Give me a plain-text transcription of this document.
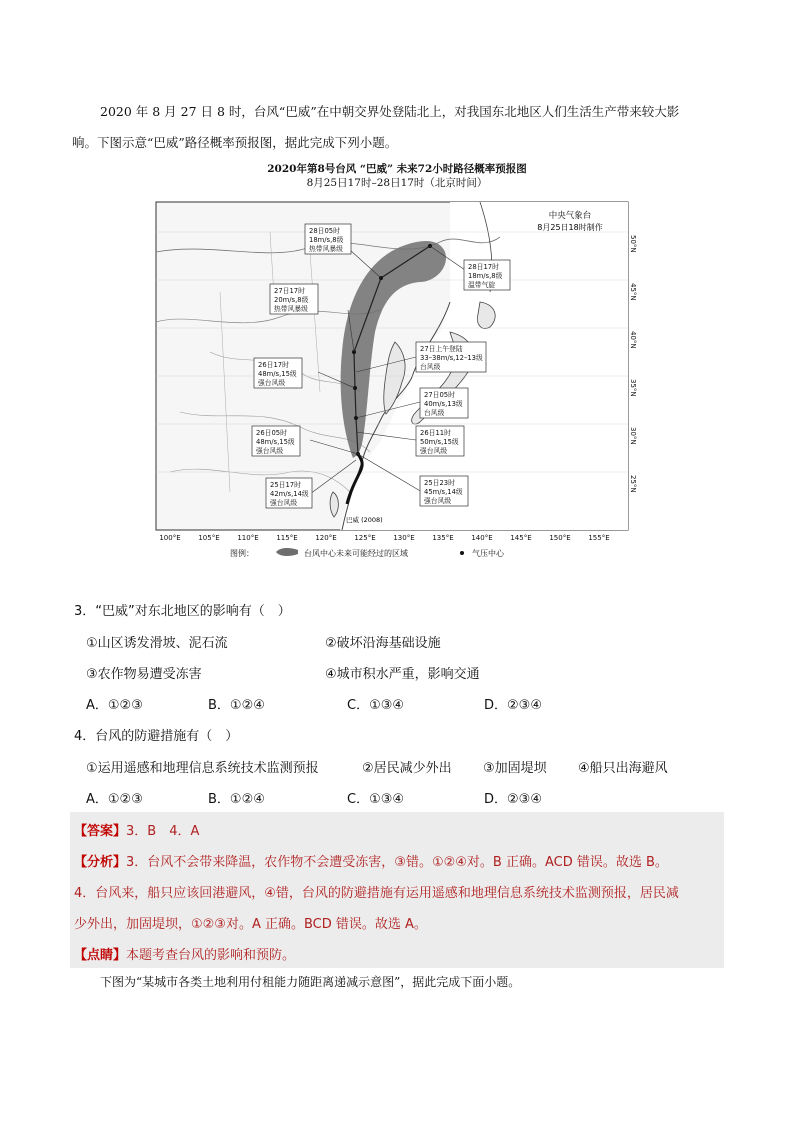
2020 年 8 月 27 日 8 时，台风“巴威”在中朝交界处登陆北上，对我国东北地区人们生活生产带来较大影
响。下图示意“巴威”路径概率预报图，据此完成下列小题。
2020年第8号台风 “巴威” 未来72小时路径概率预报图
8月25日17时–28日17时（北京时间）
中央气象台
8月25日18时制作
28日05时
18m/s,8级
热带风暴级
28日17时
18m/s,8级
温带气旋
27日17时
20m/s,8级
热带风暴级
27日上午登陆
33–38m/s,12–13级
台风级
26日17时
48m/s,15级
强台风级
27日05时
40m/s,13级
台风级
26日11时
50m/s,15级
强台风级
26日05时
48m/s,15级
强台风级
25日17时
42m/s,14级
强台风级
25日23时
45m/s,14级
强台风级
巴威 (2008)
50°N
45°N
40°N
35°N
30°N
25°N
100°E	105°E	110°E	115°E	120°E	125°E	130°E	135°E	140°E	145°E	150°E	155°E
图例：	台风中心未来可能经过的区域	气压中心
3．“巴威”对东北地区的影响有（　）
①山区诱发滑坡、泥石流	②破坏沿海基础设施
③农作物易遭受冻害	④城市积水严重，影响交通
A．①②③	B．①②④	C．①③④	D．②③④
4．台风的防避措施有（　）
①运用遥感和地理信息系统技术监测预报	②居民减少外出 ③加固堤坝 ④船只出海避风
A．①②③	B．①②④	C．①③④	D．②③④
【答案】3．B　4．A
【分析】3．台风不会带来降温，农作物不会遭受冻害，③错。①②④对。B 正确。ACD 错误。故选 B。
4．台风来，船只应该回港避风，④错，台风的防避措施有运用遥感和地理信息系统技术监测预报，居民减
少外出，加固堤坝，①②③对。A 正确。BCD 错误。故选 A。
【点睛】本题考查台风的影响和预防。
下图为“某城市各类土地利用付租能力随距离递减示意图”，据此完成下面小题。
